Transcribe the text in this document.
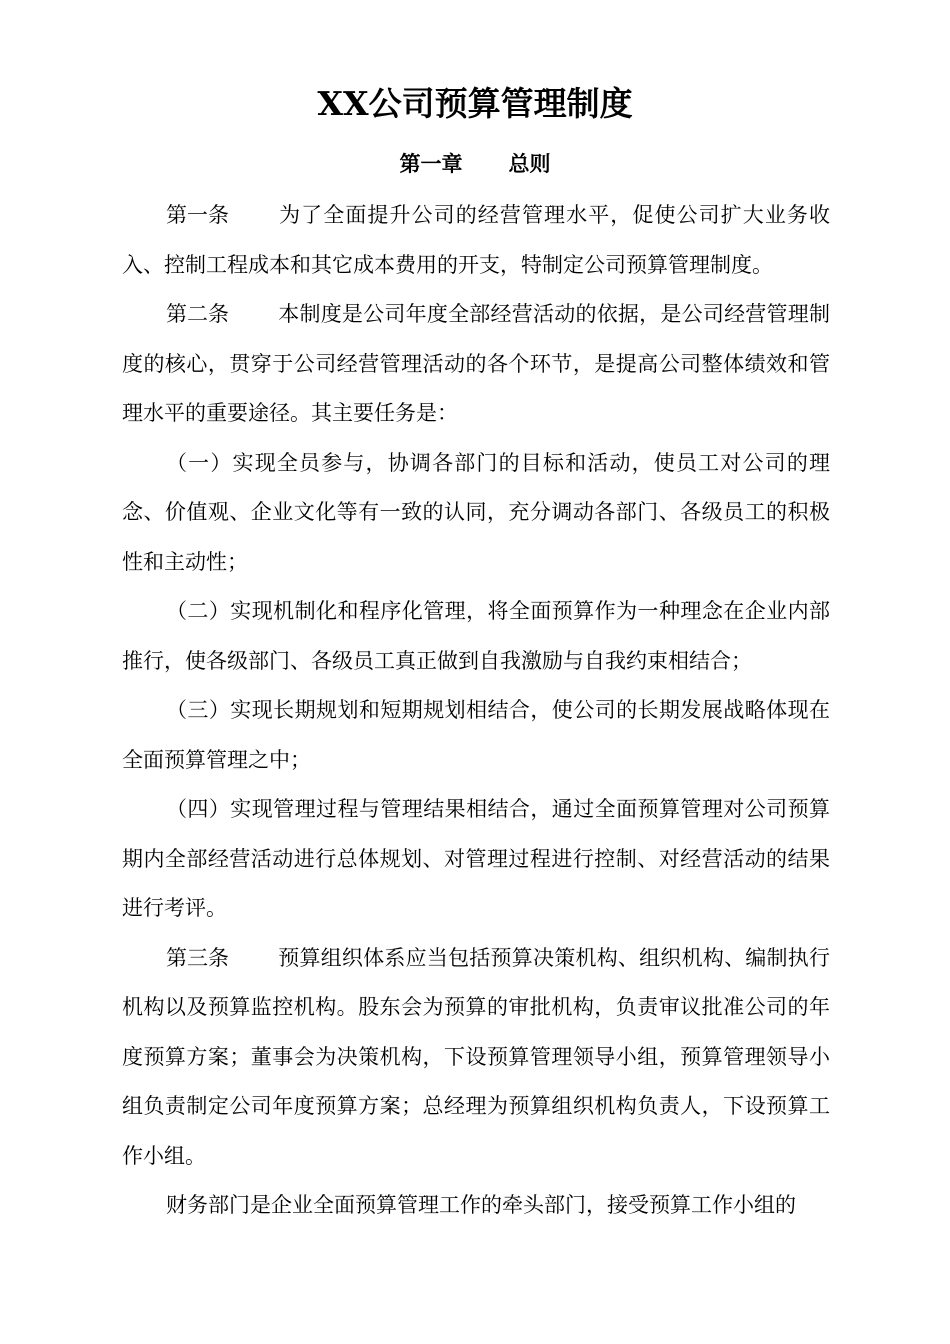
XX公司预算管理制度
第一章 总则

第一条 为了全面提升公司的经营管理水平，促使公司扩大业务收入、控制工程成本和其它成本费用的开支，特制定公司预算管理制度。

第二条 本制度是公司年度全部经营活动的依据，是公司经营管理制度的核心，贯穿于公司经营管理活动的各个环节，是提高公司整体绩效和管理水平的重要途径。其主要任务是：

（一）实现全员参与，协调各部门的目标和活动，使员工对公司的理念、价值观、企业文化等有一致的认同，充分调动各部门、各级员工的积极性和主动性；

（二）实现机制化和程序化管理，将全面预算作为一种理念在企业内部推行，使各级部门、各级员工真正做到自我激励与自我约束相结合；

（三）实现长期规划和短期规划相结合，使公司的长期发展战略体现在全面预算管理之中；

（四）实现管理过程与管理结果相结合，通过全面预算管理对公司预算期内全部经营活动进行总体规划、对管理过程进行控制、对经营活动的结果进行考评。

第三条 预算组织体系应当包括预算决策机构、组织机构、编制执行机构以及预算监控机构。股东会为预算的审批机构，负责审议批准公司的年度预算方案；董事会为决策机构，下设预算管理领导小组，预算管理领导小组负责制定公司年度预算方案；总经理为预算组织机构负责人，下设预算工作小组。

财务部门是企业全面预算管理工作的牵头部门，接受预算工作小组的
